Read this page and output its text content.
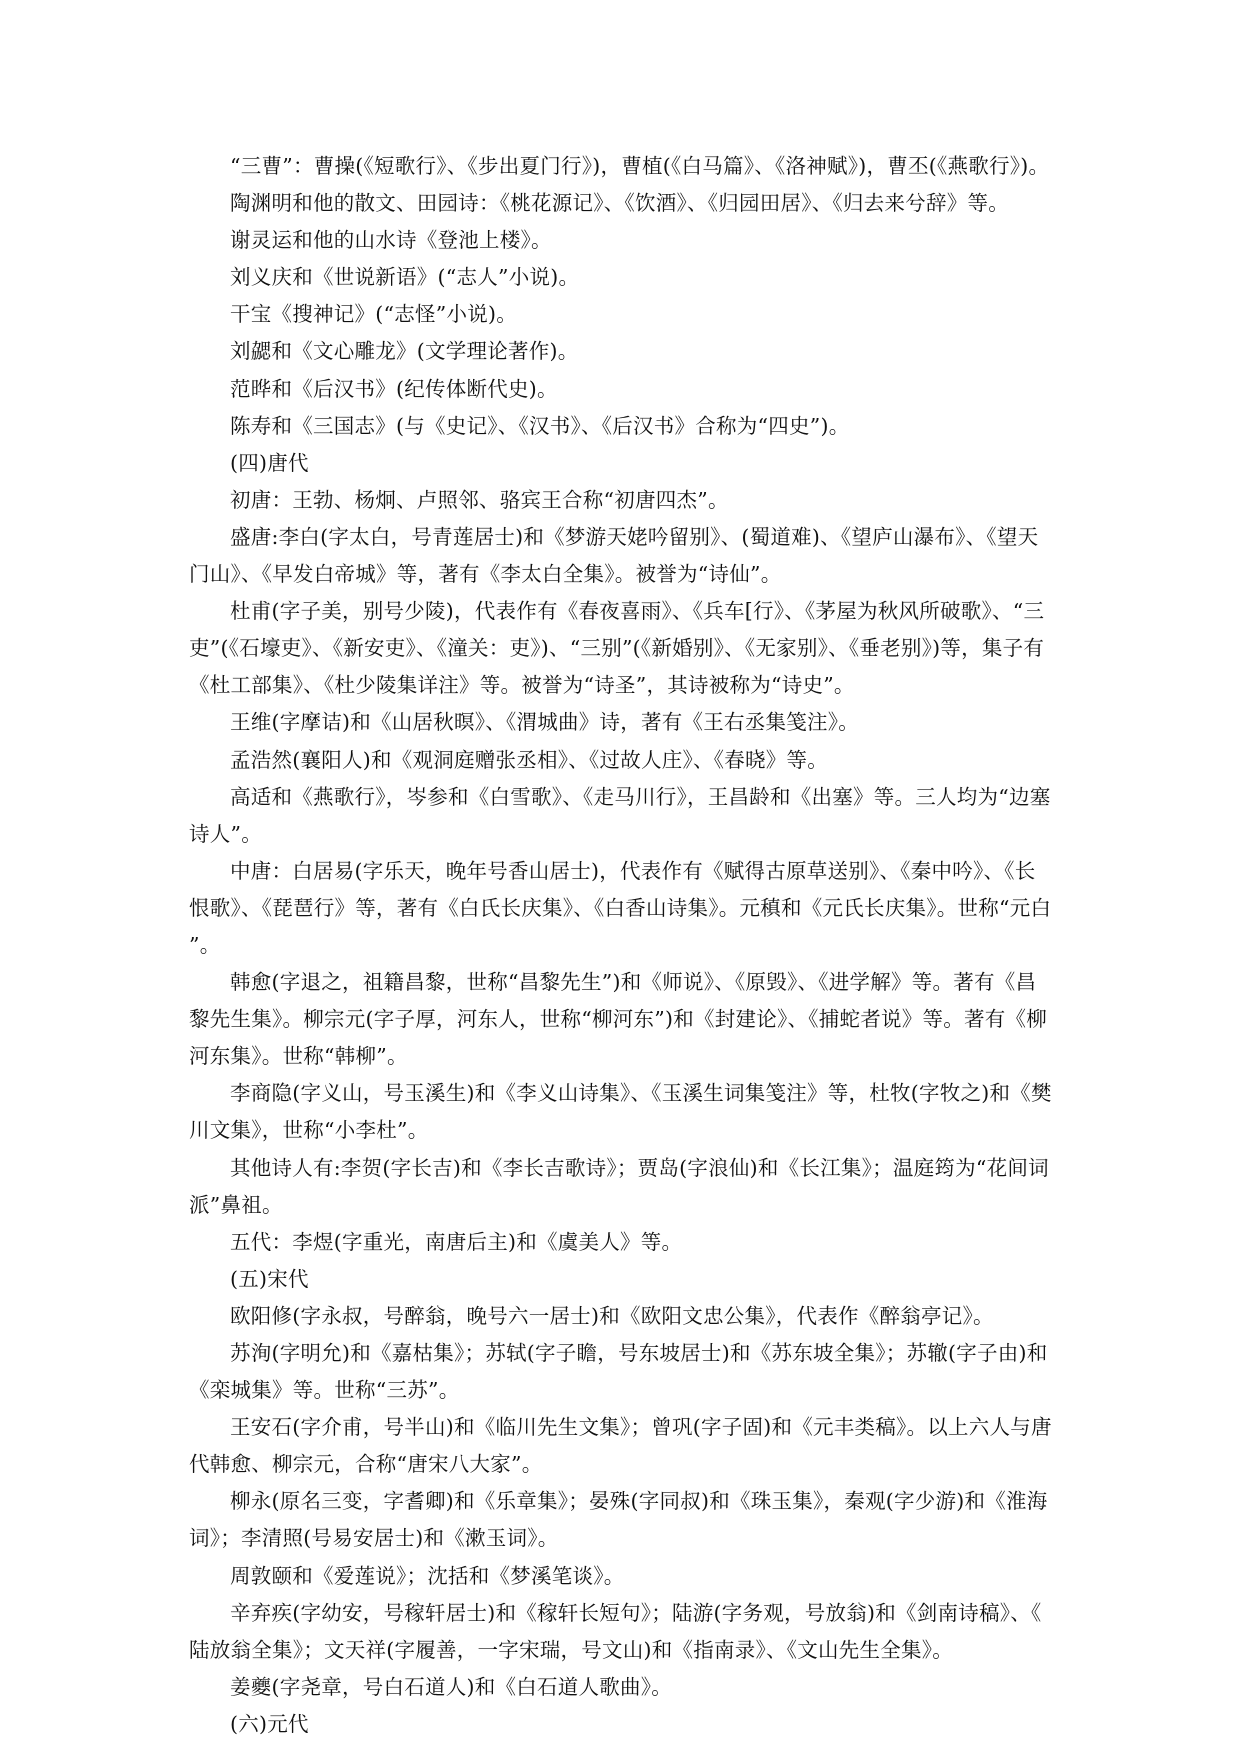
“三曹”：曹操(《短歌行》、《步出夏门行》)，曹植(《白马篇》、《洛神赋》)，曹丕(《燕歌行》)。

陶渊明和他的散文、田园诗：《桃花源记》、《饮酒》、《归园田居》、《归去来兮辞》等。

谢灵运和他的山水诗《登池上楼》。

刘义庆和《世说新语》(“志人”小说)。

干宝《搜神记》(“志怪”小说)。

刘勰和《文心雕龙》(文学理论著作)。

范晔和《后汉书》(纪传体断代史)。

陈寿和《三国志》(与《史记》、《汉书》、《后汉书》合称为“四史”)。

(四)唐代

初唐：王勃、杨炯、卢照邻、骆宾王合称“初唐四杰”。

盛唐:李白(字太白，号青莲居士)和《梦游天姥吟留别》、(蜀道难)、《望庐山瀑布》、《望天门山》、《早发白帝城》等，著有《李太白全集》。被誉为“诗仙”。

杜甫(字子美，别号少陵)，代表作有《春夜喜雨》、《兵车[行》、《茅屋为秋风所破歌》、“三吏”(《石壕吏》、《新安吏》、《潼关：吏》)、“三别”(《新婚别》、《无家别》、《垂老别》)等，集子有《杜工部集》、《杜少陵集详注》等。被誉为“诗圣”，其诗被称为“诗史”。

王维(字摩诘)和《山居秋暝》、《渭城曲》诗，著有《王右丞集笺注》。

孟浩然(襄阳人)和《观洞庭赠张丞相》、《过故人庄》、《春晓》等。

高适和《燕歌行》，岑参和《白雪歌》、《走马川行》，王昌龄和《出塞》等。三人均为“边塞诗人”。

中唐：白居易(字乐天，晚年号香山居士)，代表作有《赋得古原草送别》、《秦中吟》、《长恨歌》、《琵琶行》等，著有《白氏长庆集》、《白香山诗集》。元稹和《元氏长庆集》。世称“元白”。

韩愈(字退之，祖籍昌黎，世称“昌黎先生”)和《师说》、《原毁》、《进学解》等。著有《昌黎先生集》。柳宗元(字子厚，河东人，世称“柳河东”)和《封建论》、《捕蛇者说》等。著有《柳河东集》。世称“韩柳”。

李商隐(字义山，号玉溪生)和《李义山诗集》、《玉溪生词集笺注》等，杜牧(字牧之)和《樊川文集》，世称“小李杜”。

其他诗人有:李贺(字长吉)和《李长吉歌诗》；贾岛(字浪仙)和《长江集》；温庭筠为“花间词派”鼻祖。

五代：李煜(字重光，南唐后主)和《虞美人》等。

(五)宋代

欧阳修(字永叔，号醉翁，晚号六一居士)和《欧阳文忠公集》，代表作《醉翁亭记》。

苏洵(字明允)和《嘉枯集》；苏轼(字子瞻，号东坡居士)和《苏东坡全集》；苏辙(字子由)和《栾城集》等。世称“三苏”。

王安石(字介甫，号半山)和《临川先生文集》；曾巩(字子固)和《元丰类稿》。以上六人与唐代韩愈、柳宗元，合称“唐宋八大家”。

柳永(原名三变，字耆卿)和《乐章集》；晏殊(字同叔)和《珠玉集》，秦观(字少游)和《淮海词》；李清照(号易安居士)和《漱玉词》。

周敦颐和《爱莲说》；沈括和《梦溪笔谈》。

辛弃疾(字幼安，号稼轩居士)和《稼轩长短句》；陆游(字务观，号放翁)和《剑南诗稿》、《陆放翁全集》；文天祥(字履善，一字宋瑞，号文山)和《指南录》、《文山先生全集》。

姜夔(字尧章，号白石道人)和《白石道人歌曲》。

(六)元代
